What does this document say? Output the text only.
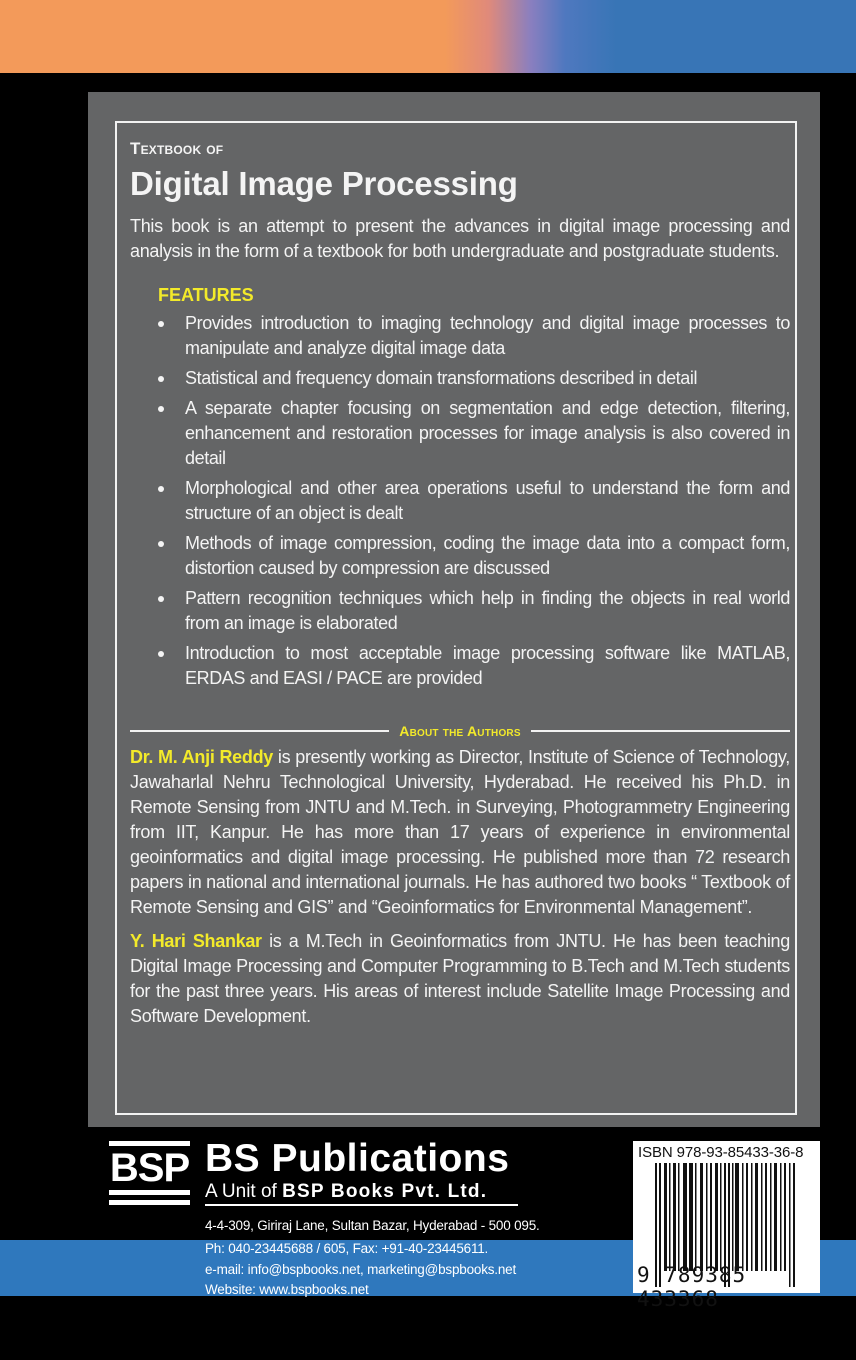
Textbook of
Digital Image Processing
This book is an attempt to present the advances in digital image processing and analysis in the form of a textbook for both undergraduate and postgraduate students.
FEATURES
Provides introduction to imaging technology and digital image processes to manipulate and analyze digital image data
Statistical and frequency domain transformations described in detail
A separate chapter focusing on segmentation and edge detection, filtering, enhancement and restoration processes for image analysis is also covered in detail
Morphological and other area operations useful to understand the form and structure of an object is dealt
Methods of image compression, coding the image data into a compact form, distortion caused by compression are discussed
Pattern recognition techniques which help in finding the objects in real world from an image is elaborated
Introduction to most acceptable image processing software like MATLAB, ERDAS and EASI / PACE are provided
About the Authors

Dr. M. Anji Reddy is presently working as Director, Institute of Science of Technology, Jawaharlal Nehru Technological University, Hyderabad. He received his Ph.D. in Remote Sensing from JNTU and M.Tech. in Surveying, Photogrammetry Engineering from IIT, Kanpur. He has more than 17 years of experience in environmental geoinformatics and digital image processing. He published more than 72 research papers in national and international journals. He has authored two books “ Textbook of Remote Sensing and GIS” and “Geoinformatics for Environmental Management”.

Y. Hari Shankar is a M.Tech in Geoinformatics from JNTU. He has been teaching Digital Image Processing and Computer Programming to B.Tech and M.Tech students for the past three years. His areas of interest include Satellite Image Processing and Software Development.

BSP BS Publications
A Unit of BSP Books Pvt. Ltd.
4-4-309, Giriraj Lane, Sultan Bazar, Hyderabad - 500 095.
Ph: 040-23445688 / 605, Fax: +91-40-23445611.
e-mail: info@bspbooks.net, marketing@bspbooks.net
Website: www.bspbooks.net
ISBN 978-93-85433-36-8
9 789385 433368
